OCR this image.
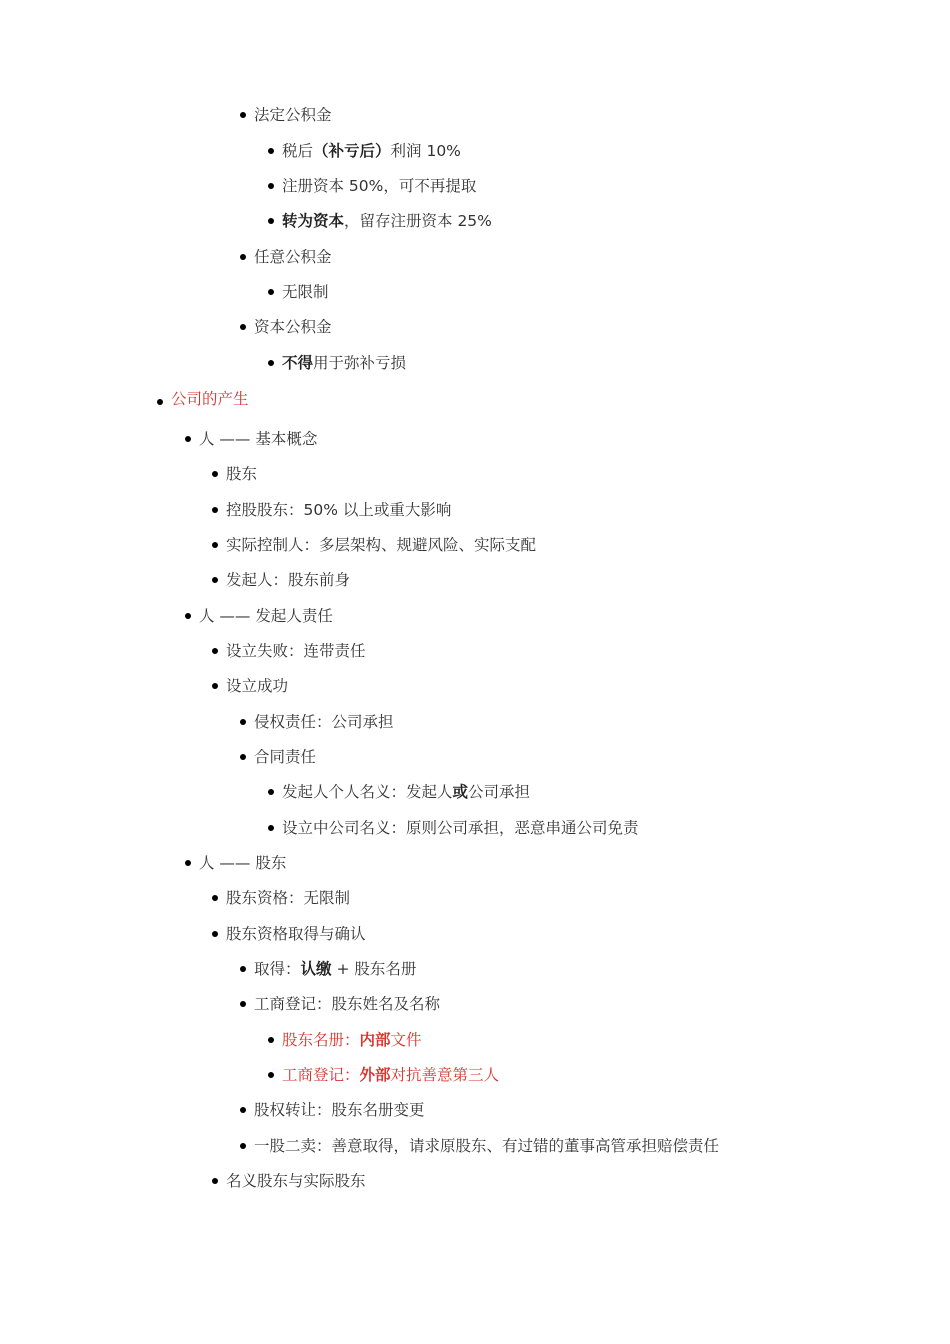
法定公积金
税后（补亏后）利润 10%
注册资本 50%，可不再提取
转为资本，留存注册资本 25%
任意公积金
无限制
资本公积金
不得用于弥补亏损
公司的产生
人 —— 基本概念
股东
控股股东：50% 以上或重大影响
实际控制人：多层架构、规避风险、实际支配
发起人：股东前身
人 —— 发起人责任
设立失败：连带责任
设立成功
侵权责任：公司承担
合同责任
发起人个人名义：发起人或公司承担
设立中公司名义：原则公司承担，恶意串通公司免责
人 —— 股东
股东资格：无限制
股东资格取得与确认
取得：认缴 + 股东名册
工商登记：股东姓名及名称
股东名册：内部文件
工商登记：外部对抗善意第三人
股权转让：股东名册变更
一股二卖：善意取得，请求原股东、有过错的董事高管承担赔偿责任
名义股东与实际股东
